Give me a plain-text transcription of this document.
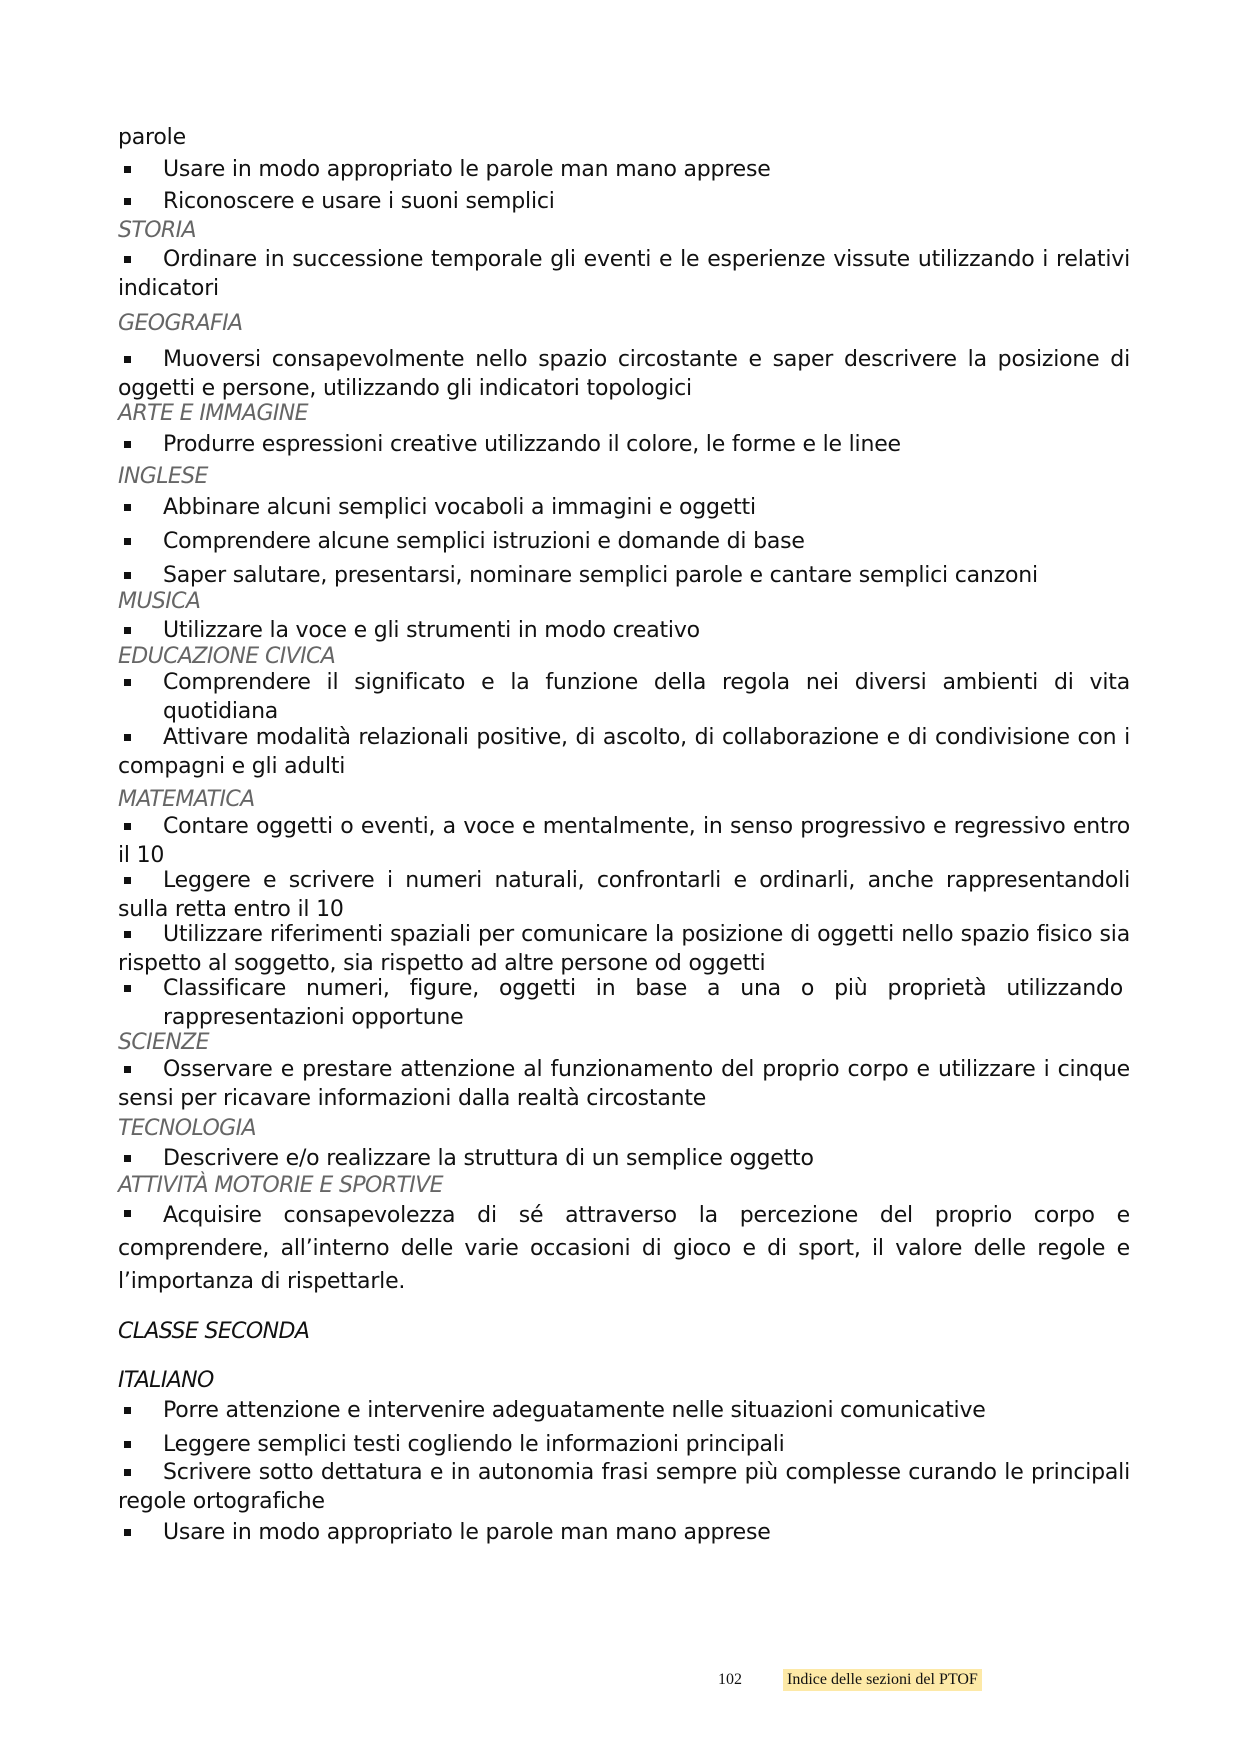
parole

Usare in modo appropriato le parole man mano apprese

Riconoscere e usare i suoni semplici

STORIA

Ordinare in successione temporale gli eventi e le esperienze vissute utilizzando i relativi indicatori

GEOGRAFIA

Muoversi consapevolmente nello spazio circostante e saper descrivere la posizione di oggetti e persone, utilizzando gli indicatori topologici

ARTE E IMMAGINE

Produrre espressioni creative utilizzando il colore, le forme e le linee

INGLESE

Abbinare alcuni semplici vocaboli a immagini e oggetti

Comprendere alcune semplici istruzioni e domande di base

Saper salutare, presentarsi, nominare semplici parole e cantare semplici canzoni

MUSICA

Utilizzare la voce e gli strumenti in modo creativo

EDUCAZIONE CIVICA

Comprendere il significato e la funzione della regola nei diversi ambienti di vita quotidiana

Attivare modalità relazionali positive, di ascolto, di collaborazione e di condivisione con i compagni e gli adulti

MATEMATICA

Contare oggetti o eventi, a voce e mentalmente, in senso progressivo e regressivo entro il 10

Leggere e scrivere i numeri naturali, confrontarli e ordinarli, anche rappresentandoli sulla retta entro il 10

Utilizzare riferimenti spaziali per comunicare la posizione di oggetti nello spazio fisico sia rispetto al soggetto, sia rispetto ad altre persone od oggetti

Classificare numeri, figure, oggetti in base a una o più proprietà utilizzando rappresentazioni opportune

SCIENZE

Osservare e prestare attenzione al funzionamento del proprio corpo e utilizzare i cinque sensi per ricavare informazioni dalla realtà circostante

TECNOLOGIA

Descrivere e/o realizzare la struttura di un semplice oggetto

ATTIVITÀ MOTORIE E SPORTIVE

Acquisire consapevolezza di sé attraverso la percezione del proprio corpo e comprendere, all’interno delle varie occasioni di gioco e di sport, il valore delle regole e l’importanza di rispettarle.

CLASSE SECONDA

ITALIANO

Porre attenzione e intervenire adeguatamente nelle situazioni comunicative

Leggere semplici testi cogliendo le informazioni principali

Scrivere sotto dettatura e in autonomia frasi sempre più complesse curando le principali regole ortografiche

Usare in modo appropriato le parole man mano apprese

102	Indice delle sezioni del PTOF
